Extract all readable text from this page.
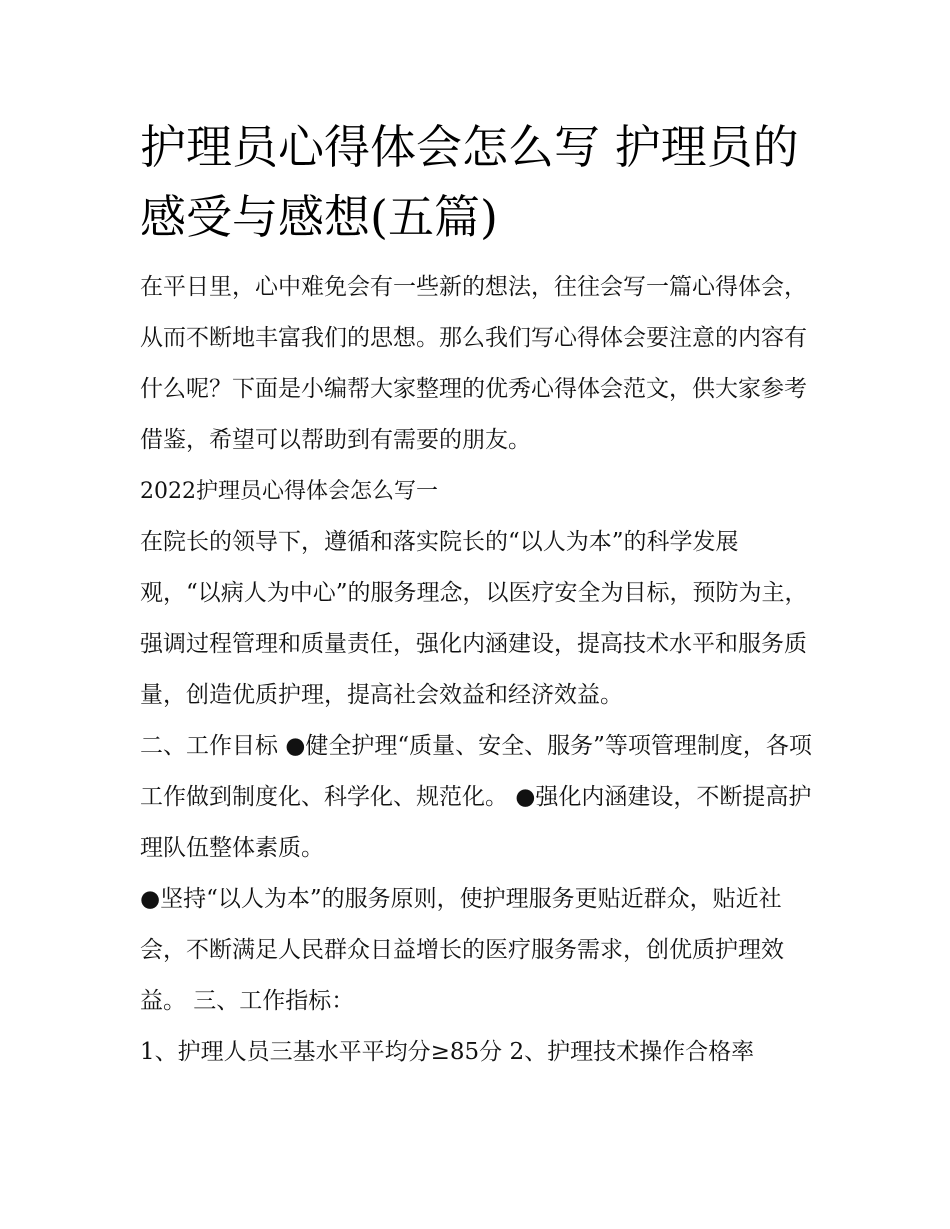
护理员心得体会怎么写 护理员的感受与感想(五篇)

在平日里，心中难免会有一些新的想法，往往会写一篇心得体会，从而不断地丰富我们的思想。那么我们写心得体会要注意的内容有什么呢？下面是小编帮大家整理的优秀心得体会范文，供大家参考借鉴，希望可以帮助到有需要的朋友。

2022护理员心得体会怎么写一

在院长的领导下，遵循和落实院长的“以人为本”的科学发展观，“以病人为中心”的服务理念，以医疗安全为目标，预防为主，强调过程管理和质量责任，强化内涵建设，提高技术水平和服务质量，创造优质护理，提高社会效益和经济效益。

二、工作目标 ●健全护理“质量、安全、服务”等项管理制度，各项工作做到制度化、科学化、规范化。 ●强化内涵建设，不断提高护理队伍整体素质。

●坚持“以人为本”的服务原则，使护理服务更贴近群众，贴近社会，不断满足人民群众日益增长的医疗服务需求，创优质护理效益。 三、工作指标：

1、护理人员三基水平平均分≥85分 2、护理技术操作合格率
